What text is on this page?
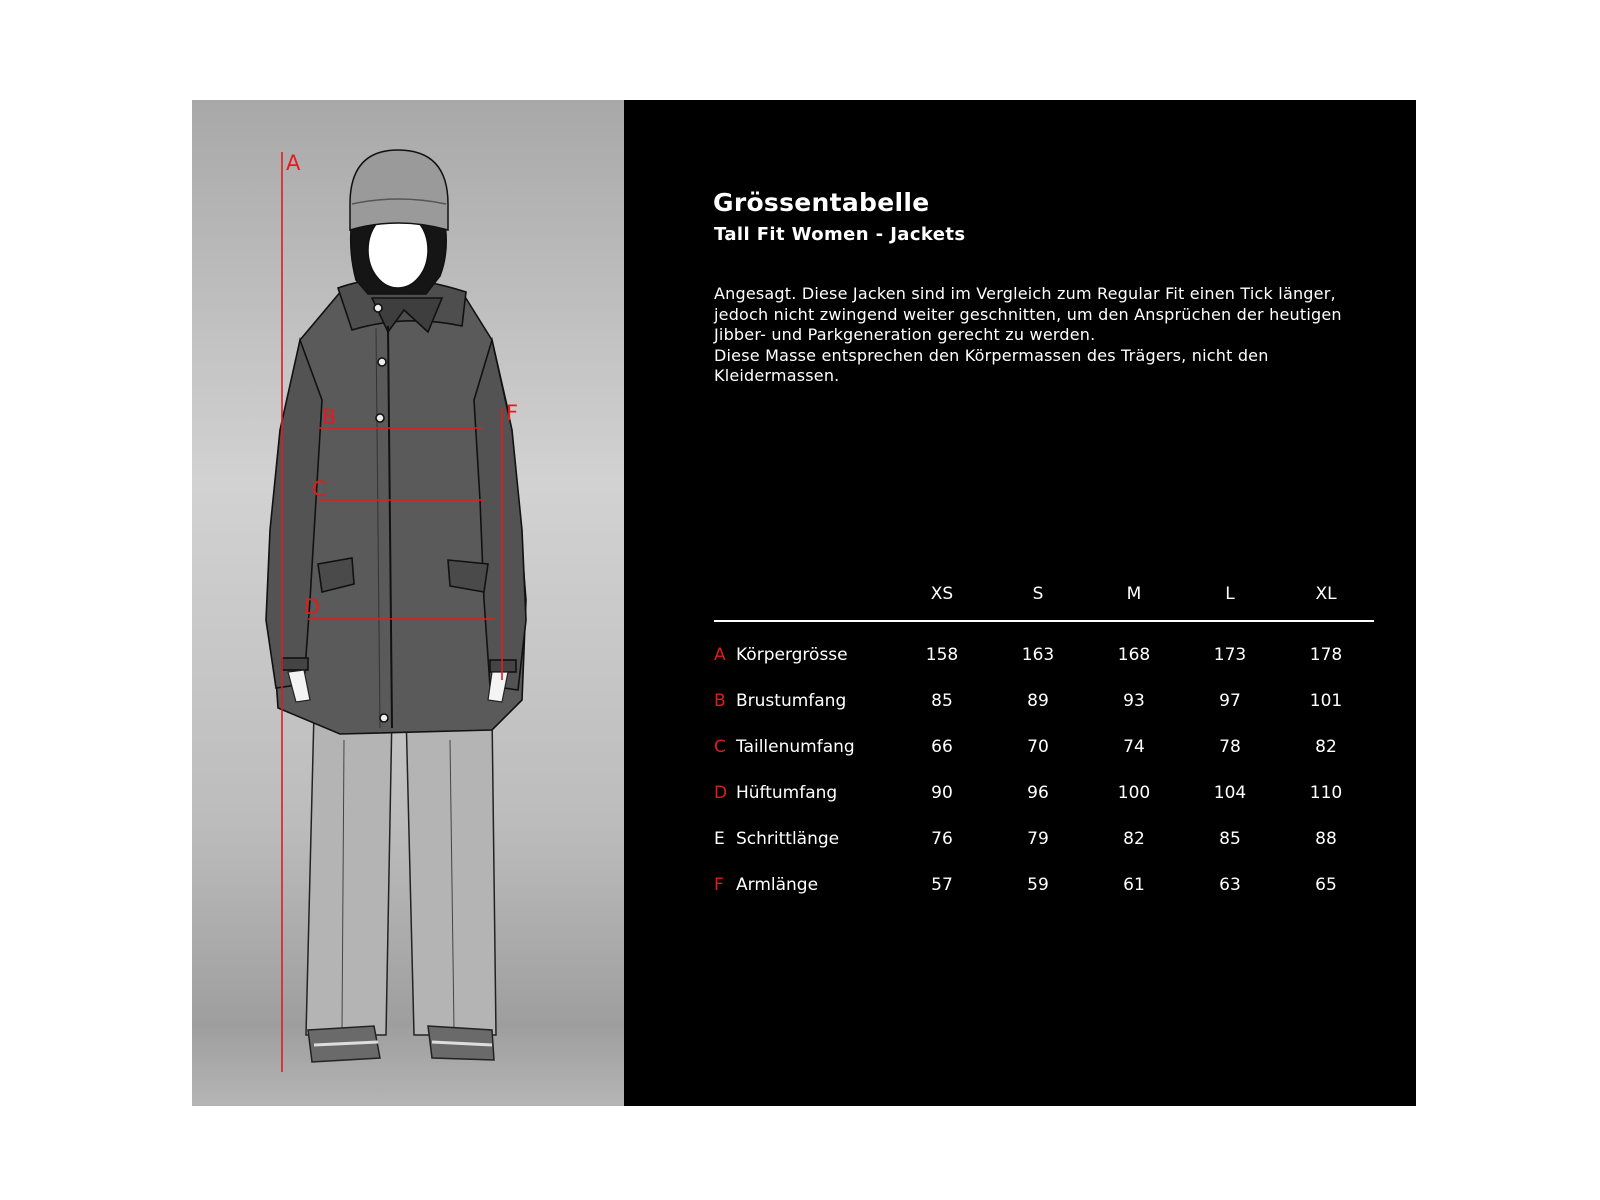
A
B
C
D
F
Grössentabelle
Tall Fit Women - Jackets

Angesagt. Diese Jacken sind im Vergleich zum Regular Fit einen Tick länger, jedoch nicht zwingend weiter geschnitten, um den Ansprüchen der heutigen Jibber- und Parkgeneration gerecht zu werden.

Diese Masse entsprechen den Körpermassen des Trägers, nicht den Kleidermassen.

	XS	S	M	L	XL
A Körpergrösse	158	163	168	173	178
B Brustumfang	85	89	93	97	101
C Taillenumfang	66	70	74	78	82
D Hüftumfang	90	96	100	104	110
E Schrittlänge	76	79	82	85	88
F Armlänge	57	59	61	63	65
